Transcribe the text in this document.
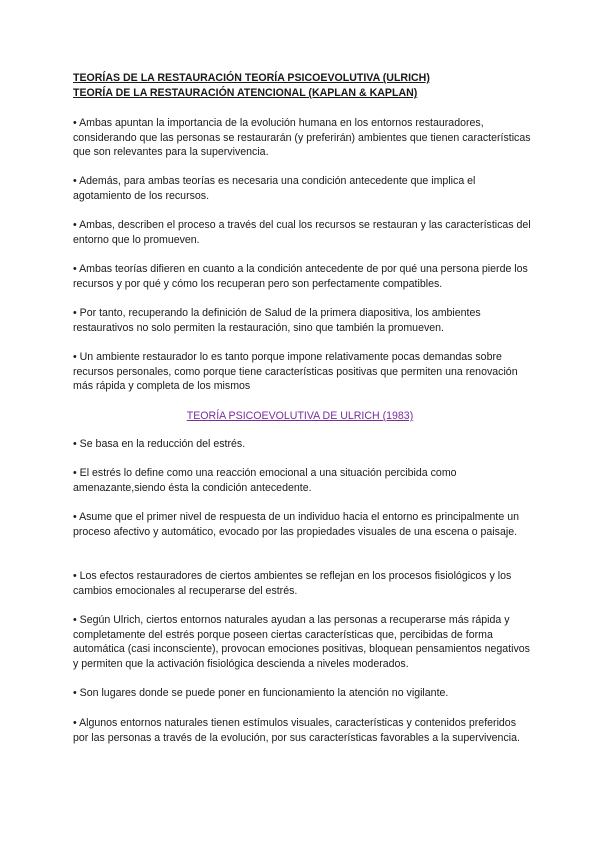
TEORÍAS DE LA RESTAURACIÓN TEORÍA PSICOEVOLUTIVA (ULRICH)
TEORÍA DE LA RESTAURACIÓN ATENCIONAL (KAPLAN & KAPLAN)
• Ambas apuntan la importancia de la evolución humana en los entornos restauradores, considerando que las personas se restaurarán (y preferirán) ambientes que tienen características que son relevantes para la supervivencia.
• Además, para ambas teorías es necesaria una condición antecedente que implica el agotamiento de los recursos.
• Ambas, describen el proceso a través del cual los recursos se restauran y las características del entorno que lo promueven.
• Ambas teorías difieren en cuanto a la condición antecedente de por qué una persona pierde los recursos y por qué y cómo los recuperan pero son perfectamente compatibles.
• Por tanto, recuperando la definición de Salud de la primera diapositiva, los ambientes restaurativos no solo permiten la restauración, sino que también la promueven.
• Un ambiente restaurador lo es tanto porque impone relativamente pocas demandas sobre recursos personales, como porque tiene características positivas que permiten una renovación más rápida y completa de los mismos
TEORÍA PSICOEVOLUTIVA DE ULRICH (1983)
• Se basa en la reducción del estrés.
• El estrés lo define como una reacción emocional a una situación percibida como amenazante,siendo ésta la condición antecedente.
• Asume que el primer nivel de respuesta de un individuo hacia el entorno es principalmente un proceso afectivo y automático, evocado por las propiedades visuales de una escena o paisaje.
• Los efectos restauradores de ciertos ambientes se reflejan en los procesos fisiológicos y los cambios emocionales al recuperarse del estrés.
• Según Ulrich, ciertos entornos naturales ayudan a las personas a recuperarse más rápida y completamente del estrés porque poseen ciertas características que, percibidas de forma automática (casi inconsciente), provocan emociones positivas, bloquean pensamientos negativos y permiten que la activación fisiológica descienda a niveles moderados.
• Son lugares donde se puede poner en funcionamiento la atención no vigilante.
• Algunos entornos naturales tienen estímulos visuales, características y contenidos preferidos por las personas a través de la evolución, por sus características favorables a la supervivencia.
